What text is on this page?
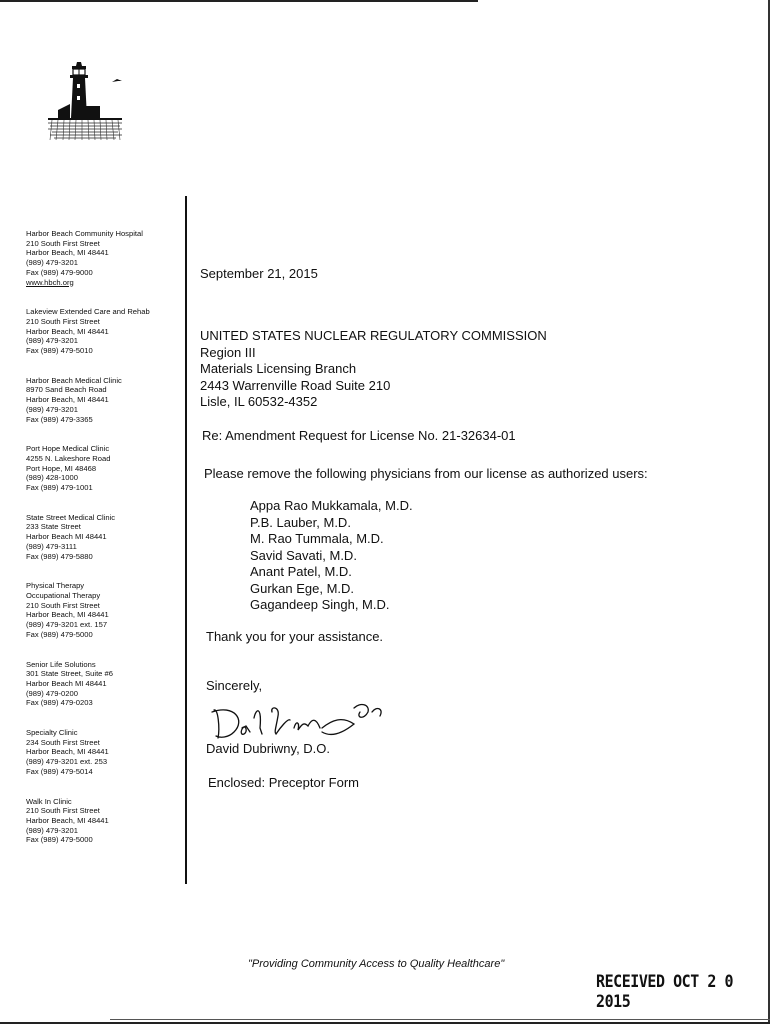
Harbor Beach Community Hospital
210 South First Street
Harbor Beach, MI 48441
(989) 479-3201
Fax (989) 479-9000
www.hbch.org
Lakeview Extended Care and Rehab
210 South First Street
Harbor Beach, MI 48441
(989) 479-3201
Fax (989) 479-5010
Harbor Beach Medical Clinic
8970 Sand Beach Road
Harbor Beach, MI 48441
(989) 479-3201
Fax (989) 479-3365
Port Hope Medical Clinic
4255 N. Lakeshore Road
Port Hope, MI 48468
(989) 428-1000
Fax (989) 479-1001
State Street Medical Clinic
233 State Street
Harbor Beach MI 48441
(989) 479-3111
Fax (989) 479-5880
Physical Therapy
Occupational Therapy
210 South First Street
Harbor Beach, MI 48441
(989) 479-3201 ext. 157
Fax (989) 479-5000
Senior Life Solutions
301 State Street, Suite #6
Harbor Beach MI 48441
(989) 479-0200
Fax (989) 479-0203
Specialty Clinic
234 South First Street
Harbor Beach, MI 48441
(989) 479-3201 ext. 253
Fax (989) 479-5014
Walk In Clinic
210 South First Street
Harbor Beach, MI 48441
(989) 479-3201
Fax (989) 479-5000
September 21, 2015
UNITED STATES NUCLEAR REGULATORY COMMISSION
Region III
Materials Licensing Branch
2443 Warrenville Road Suite 210
Lisle, IL 60532-4352
Re: Amendment Request for License No. 21-32634-01
Please remove the following physicians from our license as authorized users:
Appa Rao Mukkamala, M.D.
P.B. Lauber, M.D.
M. Rao Tummala, M.D.
Savid Savati, M.D.
Anant Patel, M.D.
Gurkan Ege, M.D.
Gagandeep Singh, M.D.
Thank you for your assistance.
Sincerely,
David Dubriwny, D.O.
Enclosed: Preceptor Form
"Providing Community Access to Quality Healthcare"
RECEIVED OCT 2 0 2015
